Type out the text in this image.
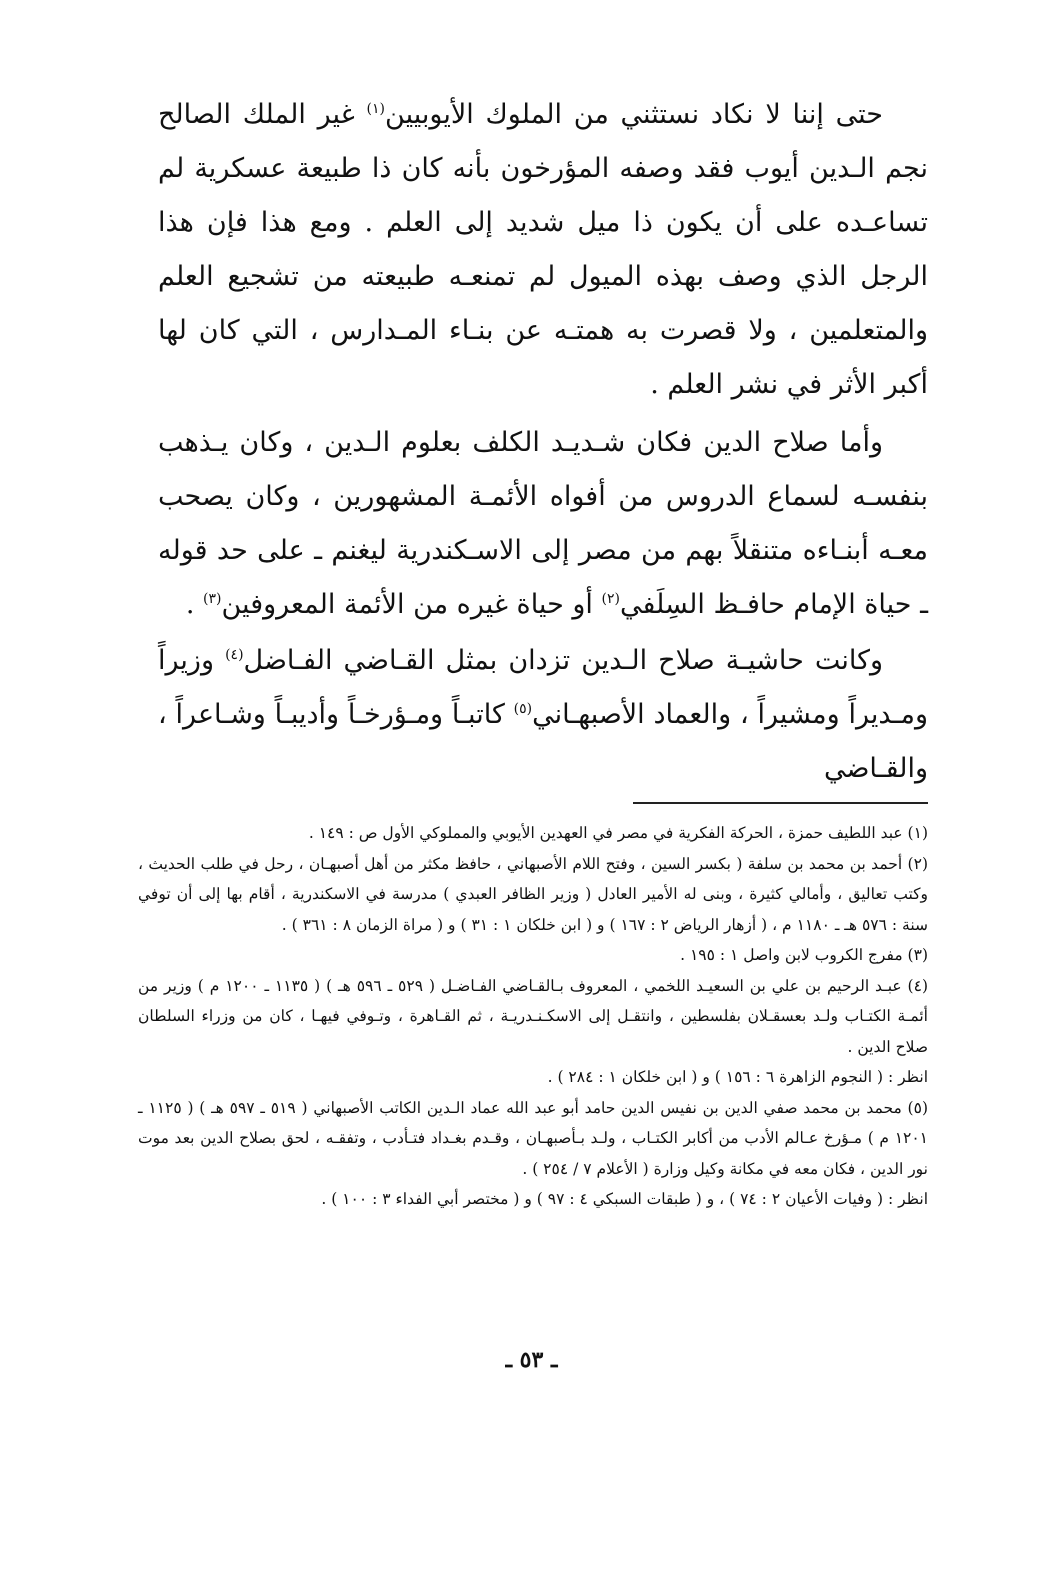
حتى إننا لا نكاد نستثني من الملوك الأيوبيين$^{(١)}$ غير الملك الصالح نجم الـدين أيوب فقد وصفه المؤرخون بأنه كان ذا طبيعة عسكرية لم تساعـده على أن يكون ذا ميل شديد إلى العلم . ومع هذا فإن هذا الرجل الذي وصف بهذه الميول لم تمنعـه طبيعته من تشجيع العلم والمتعلمين ، ولا قصرت به همتـه عن بنـاء المـدارس ، التي كان لها أكبر الأثر في نشر العلم .

وأما صلاح الدين فكان شـديـد الكلف بعلوم الـدين ، وكان يـذهب بنفسـه لسماع الدروس من أفواه الأئمـة المشهورين ، وكان يصحب معـه أبنـاءه متنقلاً بهم من مصر إلى الاسـكندرية ليغنم ـ على حد قوله ـ حياة الإمام حافـظ السِلَفي$^{(٢)}$ أو حياة غيره من الأئمة المعروفين$^{(٣)}$ .

وكانت حاشيـة صلاح الـدين تزدان بمثل القـاضي الفـاضل$^{(٤)}$ وزيراً ومـديراً ومشيراً ، والعماد الأصبهـاني$^{(٥)}$ كاتبـاً ومـؤرخـاً وأديبـاً وشـاعراً ، والقـاضي

(١) عبد اللطيف حمزة ، الحركة الفكرية في مصر في العهدين الأيوبي والمملوكي الأول ص : ١٤٩ .

(٢) أحمد بن محمد بن سلفة ( بكسر السين ، وفتح اللام الأصبهاني ، حافظ مكثر من أهل أصبهـان ، رحل في طلب الحديث ، وكتب تعاليق ، وأمالي كثيرة ، وبنى له الأمير العادل ( وزير الظافر العبدي ) مدرسة في الاسكندرية ، أقام بها إلى أن توفي سنة : ٥٧٦ هـ ـ ١١٨٠ م ، ( أزهار الرياض ٢ : ١٦٧ ) و ( ابن خلكان ١ : ٣١ ) و ( مراة الزمان ٨ : ٣٦١ ) .

(٣) مفرج الكروب لابن واصل ١ : ١٩٥ .

(٤) عبـد الرحيم بن علي بن السعيـد اللخمي ، المعروف بـالقـاضي الفـاضـل ( ٥٢٩ ـ ٥٩٦ هـ ) ( ١١٣٥ ـ ١٢٠٠ م ) وزير من أئمـة الكتـاب ولـد بعسقـلان بفلسطين ، وانتقـل إلى الاسكـنـدريـة ، ثم القـاهرة ، وتـوفي فيهـا ، كان من وزراء السلطان صلاح الدين .

انظر : ( النجوم الزاهرة ٦ : ١٥٦ ) و ( ابن خلكان ١ : ٢٨٤ ) .

(٥) محمد بن محمد صفي الدين بن نفيس الدين حامد أبو عبد الله عماد الـدين الكاتب الأصبهاني ( ٥١٩ ـ ٥٩٧ هـ ) ( ١١٢٥ ـ ١٢٠١ م ) مـؤرخ عـالم الأدب من أكابر الكتـاب ، ولـد بـأصبهـان ، وقـدم بغـداد فتـأدب ، وتفقـه ، لحق بصلاح الدين بعد موت نور الدين ، فكان معه في مكانة وكيل وزارة ( الأعلام ٧ / ٢٥٤ ) .

انظر : ( وفيات الأعيان ٢ : ٧٤ ) ، و ( طبقات السبكي ٤ : ٩٧ ) و ( مختصر أبي الفداء ٣ : ١٠٠ ) .

ـ ٥٣ ـ
